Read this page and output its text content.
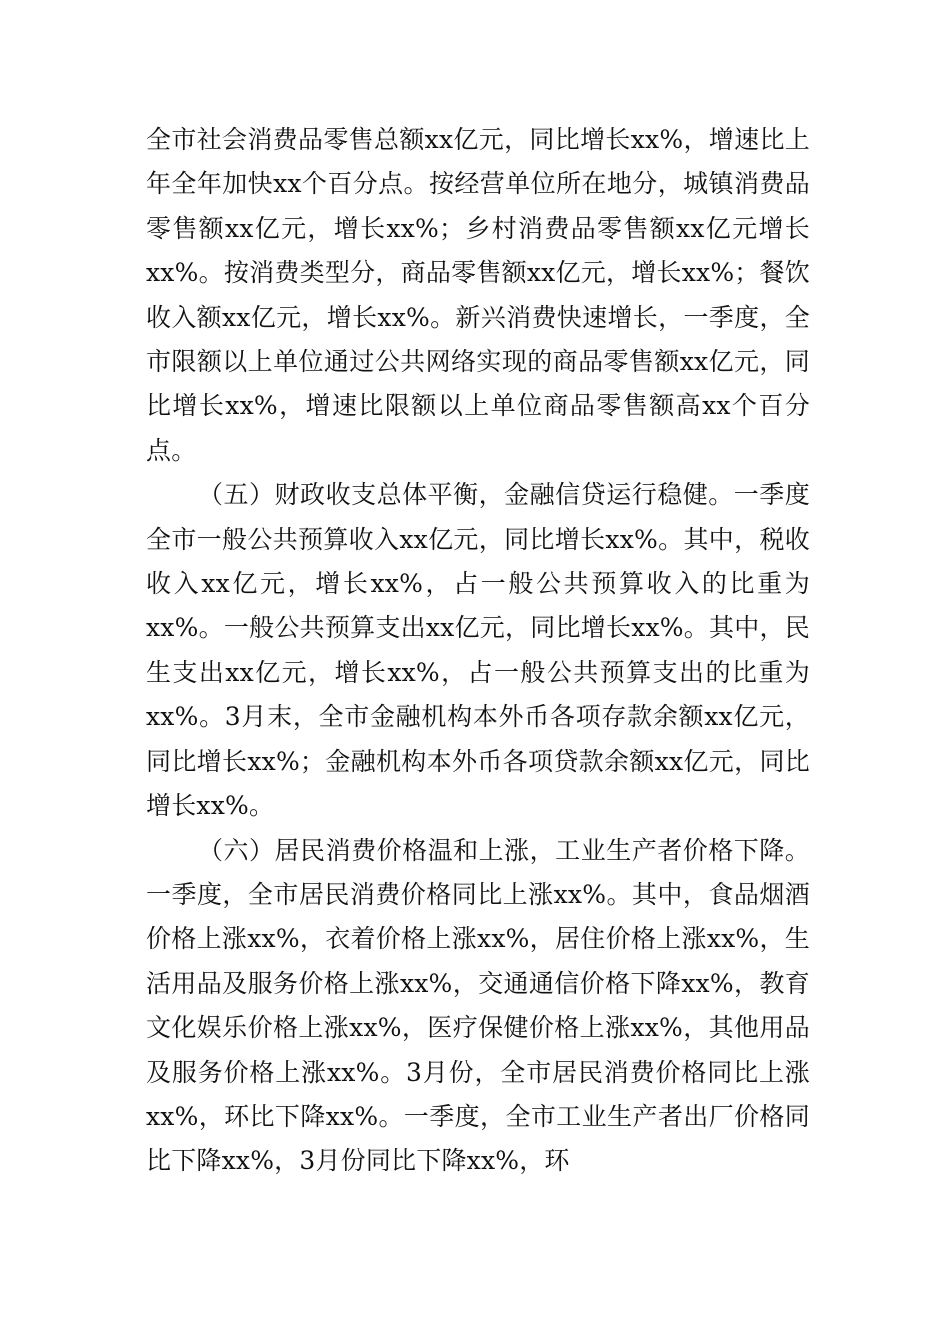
全市社会消费品零售总额xx亿元，同比增长xx%，增速比上年全年加快xx个百分点。按经营单位所在地分，城镇消费品零售额xx亿元，增长xx%；乡村消费品零售额xx亿元增长xx%。按消费类型分，商品零售额xx亿元，增长xx%；餐饮收入额xx亿元，增长xx%。新兴消费快速增长，一季度，全市限额以上单位通过公共网络实现的商品零售额xx亿元，同比增长xx%，增速比限额以上单位商品零售额高xx个百分点。

（五）财政收支总体平衡，金融信贷运行稳健。一季度全市一般公共预算收入xx亿元，同比增长xx%。其中，税收收入xx亿元，增长xx%，占一般公共预算收入的比重为xx%。一般公共预算支出xx亿元，同比增长xx%。其中，民生支出xx亿元，增长xx%，占一般公共预算支出的比重为xx%。3月末，全市金融机构本外币各项存款余额xx亿元，同比增长xx%；金融机构本外币各项贷款余额xx亿元，同比增长xx%。

（六）居民消费价格温和上涨，工业生产者价格下降。一季度，全市居民消费价格同比上涨xx%。其中，食品烟酒价格上涨xx%，衣着价格上涨xx%，居住价格上涨xx%，生活用品及服务价格上涨xx%，交通通信价格下降xx%，教育文化娱乐价格上涨xx%，医疗保健价格上涨xx%，其他用品及服务价格上涨xx%。3月份，全市居民消费价格同比上涨xx%，环比下降xx%。一季度，全市工业生产者出厂价格同比下降xx%，3月份同比下降xx%，环
